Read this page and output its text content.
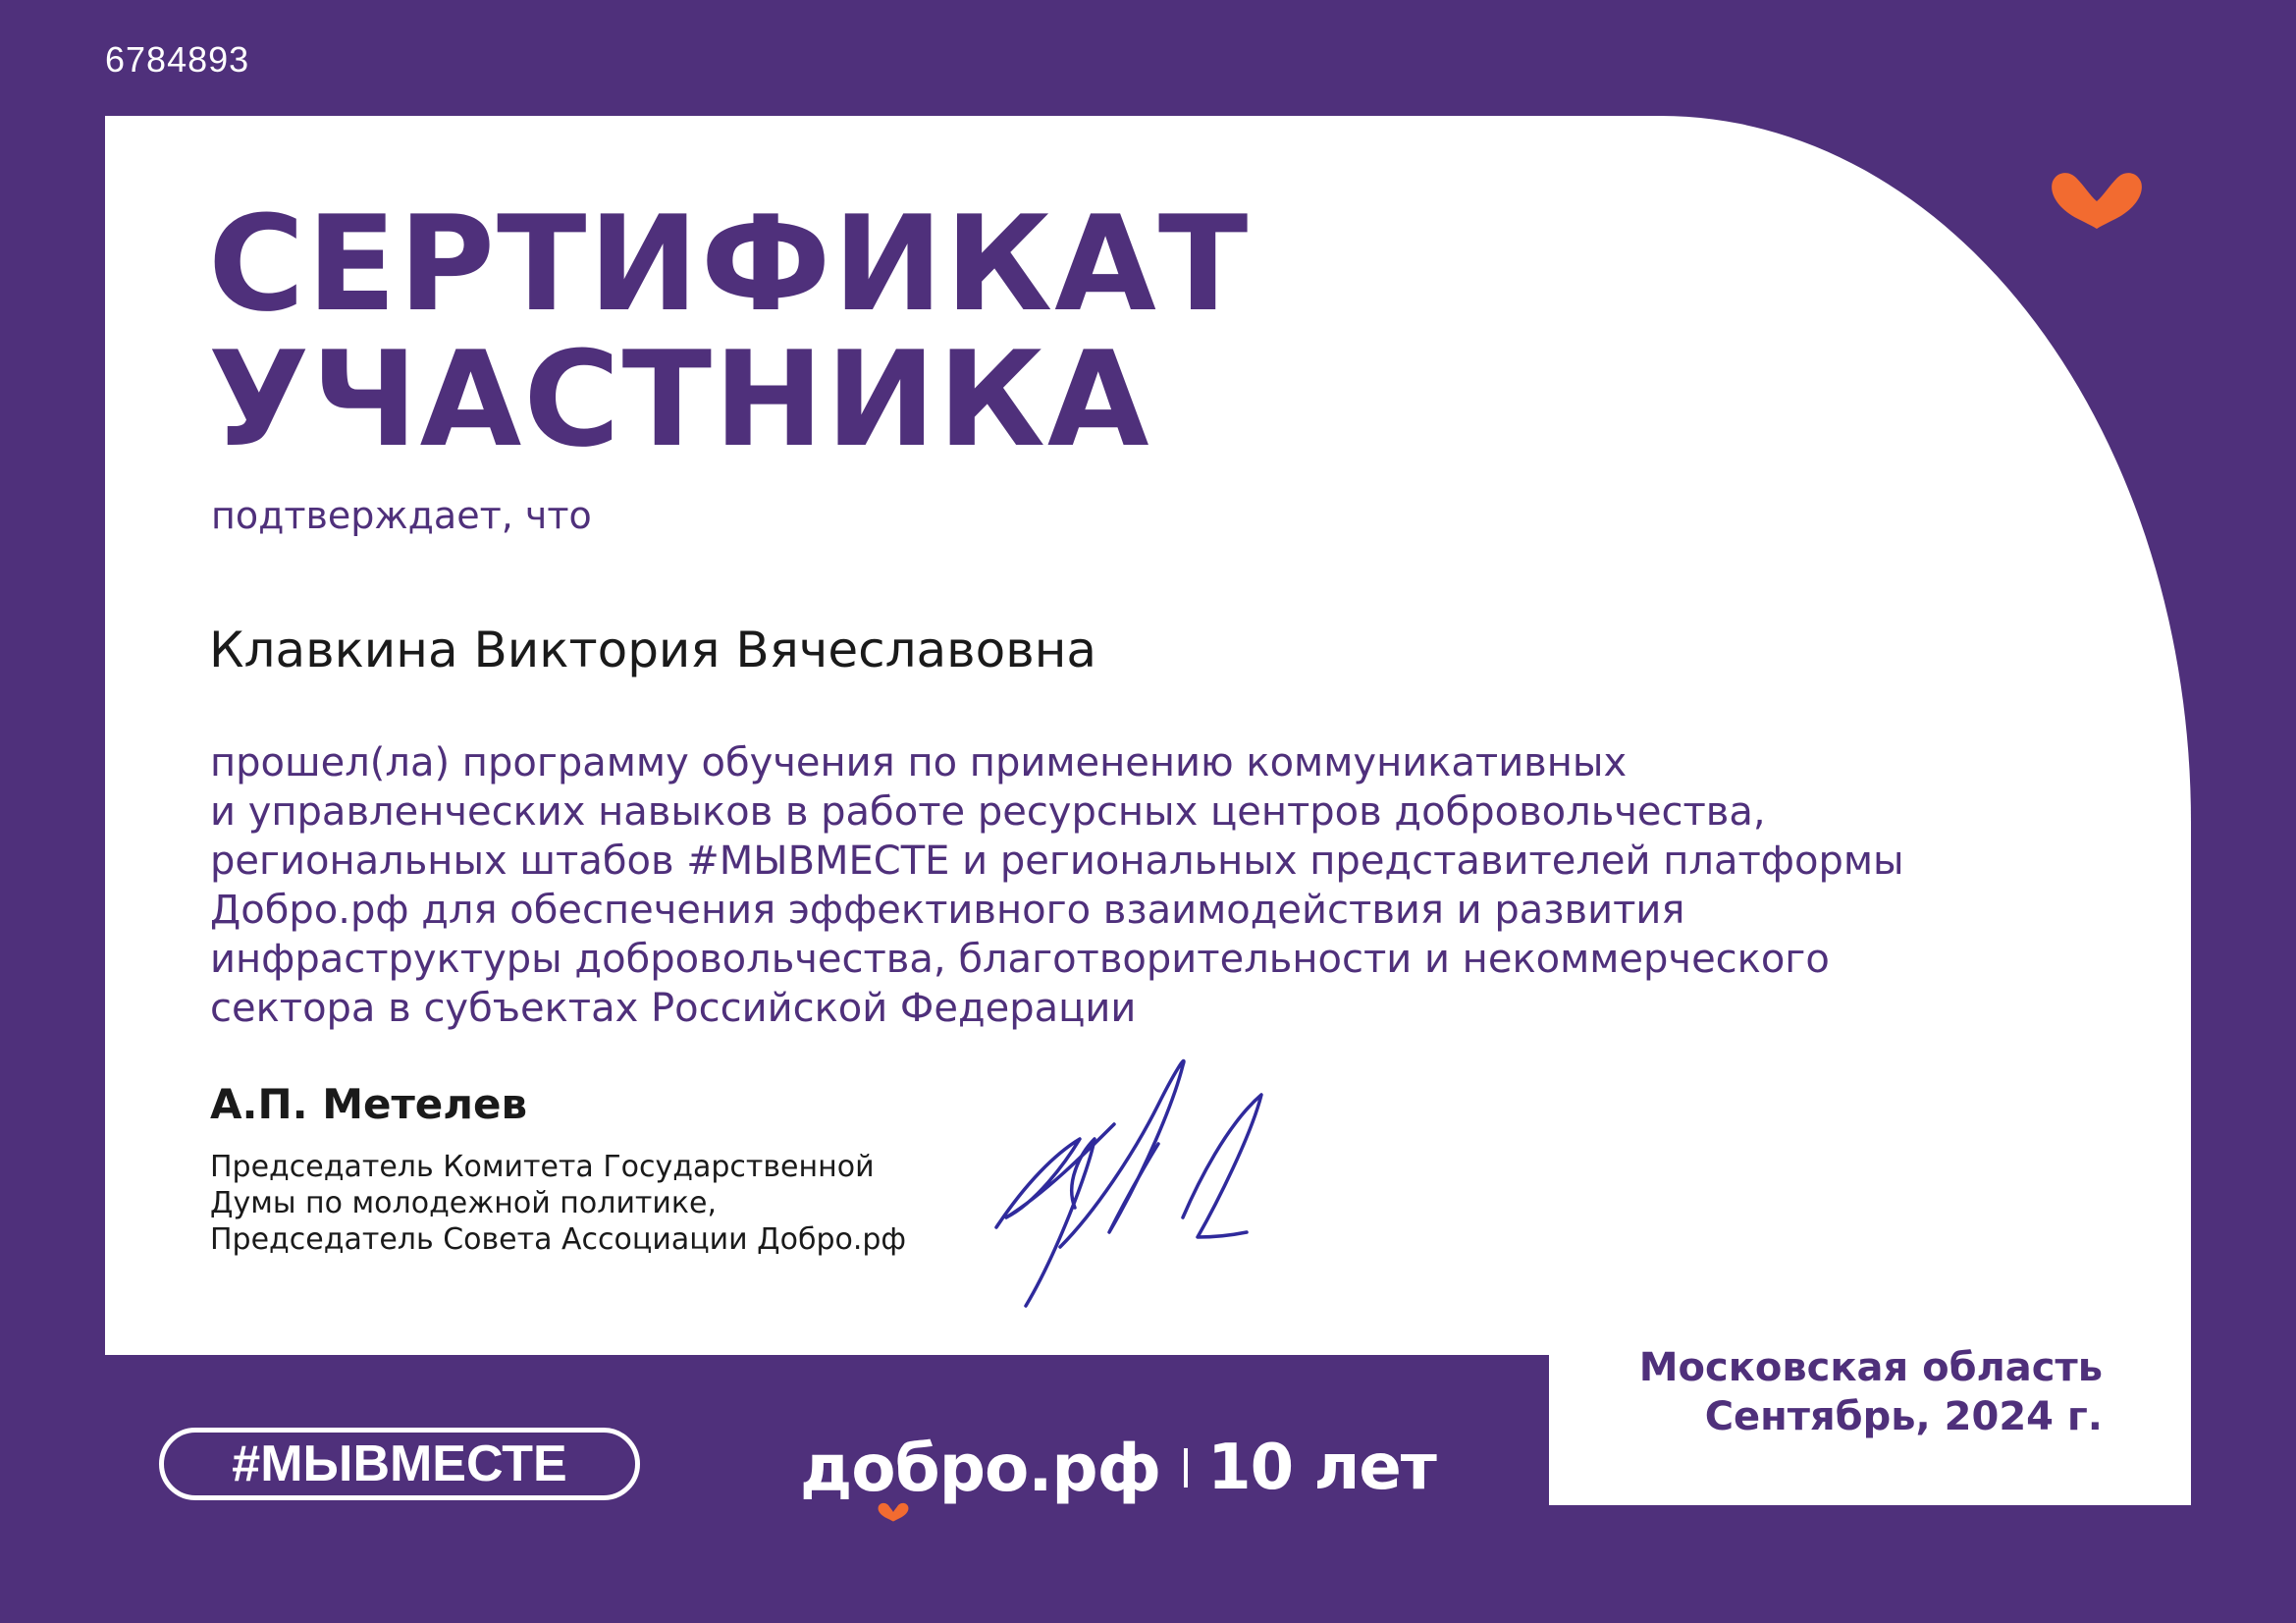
6784893
СЕРТИФИКАТ
УЧАСТНИКА
подтверждает, что
Клавкина Виктория Вячеславовна
прошел(ла) программу обучения по применению коммуникативных
и управленческих навыков в работе ресурсных центров добровольчества,
региональных штабов #МЫВМЕСТЕ и региональных представителей платформы
Добро.рф для обеспечения эффективного взаимодействия и развития
инфраструктуры добровольчества, благотворительности и некоммерческого
сектора в субъектах Российской Федерации
А.П. Метелев
Председатель Комитета Государственной
Думы по молодежной политике,
Председатель Совета Ассоциации Добро.рф
Московская область
Сентябрь, 2024 г.
#МЫВМЕСТЕ	добро.рф 10 лет
